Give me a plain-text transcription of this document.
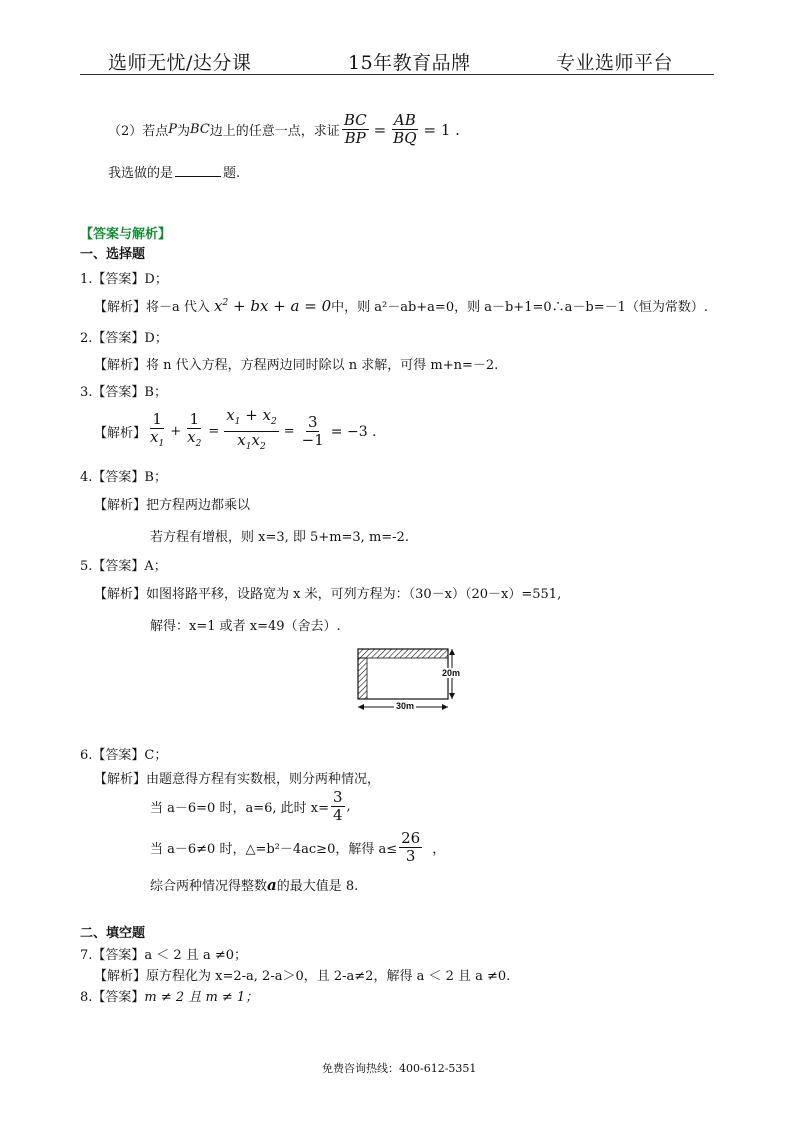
选师无忧/达分课	15年教育品牌	专业选师平台
（2）若点 P 为 BC 边上的任意一点，求证 $\frac{BC}{BP} = \frac{AB}{BQ} = 1$ .
我选做的是	题.
【答案与解析】
一、选择题
1.【答案】D；
【解析】将－a 代入 $x^2$ + bx + a = 0中，则 a²－ab+a=0，则 a－b+1=0∴a－b=－1（恒为常数）.
2.【答案】D；
【解析】将 n 代入方程，方程两边同时除以 n 求解，可得 m+n=－2.
3.【答案】B；
【解析】 $\frac{1}{x_1} + \frac{1}{x_2} = \frac{x_1 + x_2}{x_1x_2} = \frac{3}{-1} = -3$ .
4.【答案】B；
【解析】把方程两边都乘以
若方程有增根，则 x=3, 即 5+m=3, m=-2.
5.【答案】A；
【解析】如图将路平移，设路宽为 x 米，可列方程为：（30－x）（20－x）=551,
解得：x=1 或者 x=49（舍去）.
20m
30m
6.【答案】C；
【解析】由题意得方程有实数根，则分两种情况，
当 a－6=0 时，a=6, 此时 $x= \frac{3}{4}$ ,
当 a－6≠0 时，△=b²－4ac≥0，解得 $a\le \frac{26}{3}$ ，
综合两种情况得整数a的最大值是 8.
二、填空题
7.【答案】a ＜ 2 且 a ≠0；
【解析】原方程化为 x=2-a, 2-a＞0，且 2-a≠2，解得 a ＜ 2 且 a ≠0.
8.【答案】m ≠ 2 且 m ≠ 1；
免费咨询热线：400-612-5351
